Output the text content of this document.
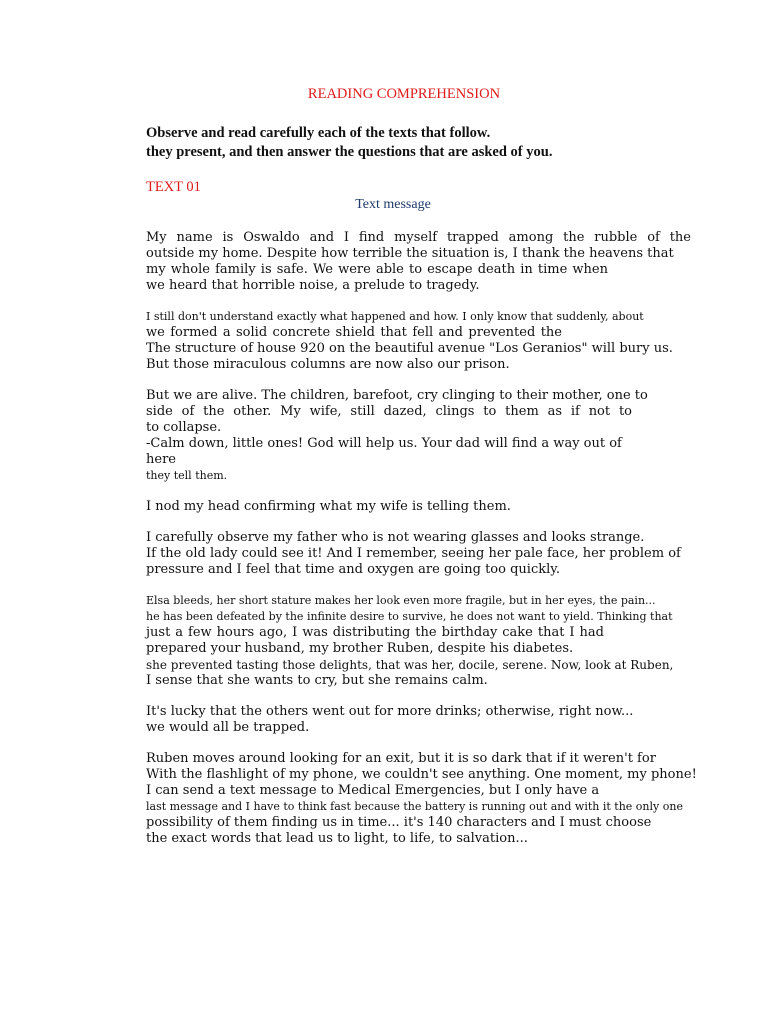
READING COMPREHENSION
Observe and read carefully each of the texts that follow.
they present, and then answer the questions that are asked of you.
TEXT 01
Text message
My name is Oswaldo and I find myself trapped among the rubble of the
outside my home. Despite how terrible the situation is, I thank the heavens that
my whole family is safe. We were able to escape death in time when
we heard that horrible noise, a prelude to tragedy.
I still don't understand exactly what happened and how. I only know that suddenly, about
we formed a solid concrete shield that fell and prevented the
The structure of house 920 on the beautiful avenue "Los Geranios" will bury us.
But those miraculous columns are now also our prison.
But we are alive. The children, barefoot, cry clinging to their mother, one to
side of the other. My wife, still dazed, clings to them as if not to
to collapse.
-Calm down, little ones! God will help us. Your dad will find a way out of
here
they tell them.
I nod my head confirming what my wife is telling them.
I carefully observe my father who is not wearing glasses and looks strange.
If the old lady could see it! And I remember, seeing her pale face, her problem of
pressure and I feel that time and oxygen are going too quickly.
Elsa bleeds, her short stature makes her look even more fragile, but in her eyes, the pain...
he has been defeated by the infinite desire to survive, he does not want to yield. Thinking that
just a few hours ago, I was distributing the birthday cake that I had
prepared your husband, my brother Ruben, despite his diabetes.
she prevented tasting those delights, that was her, docile, serene. Now, look at Ruben,
I sense that she wants to cry, but she remains calm.
It's lucky that the others went out for more drinks; otherwise, right now...
we would all be trapped.
Ruben moves around looking for an exit, but it is so dark that if it weren't for
With the flashlight of my phone, we couldn't see anything. One moment, my phone!
I can send a text message to Medical Emergencies, but I only have a
last message and I have to think fast because the battery is running out and with it the only one
possibility of them finding us in time... it's 140 characters and I must choose
the exact words that lead us to light, to life, to salvation...
